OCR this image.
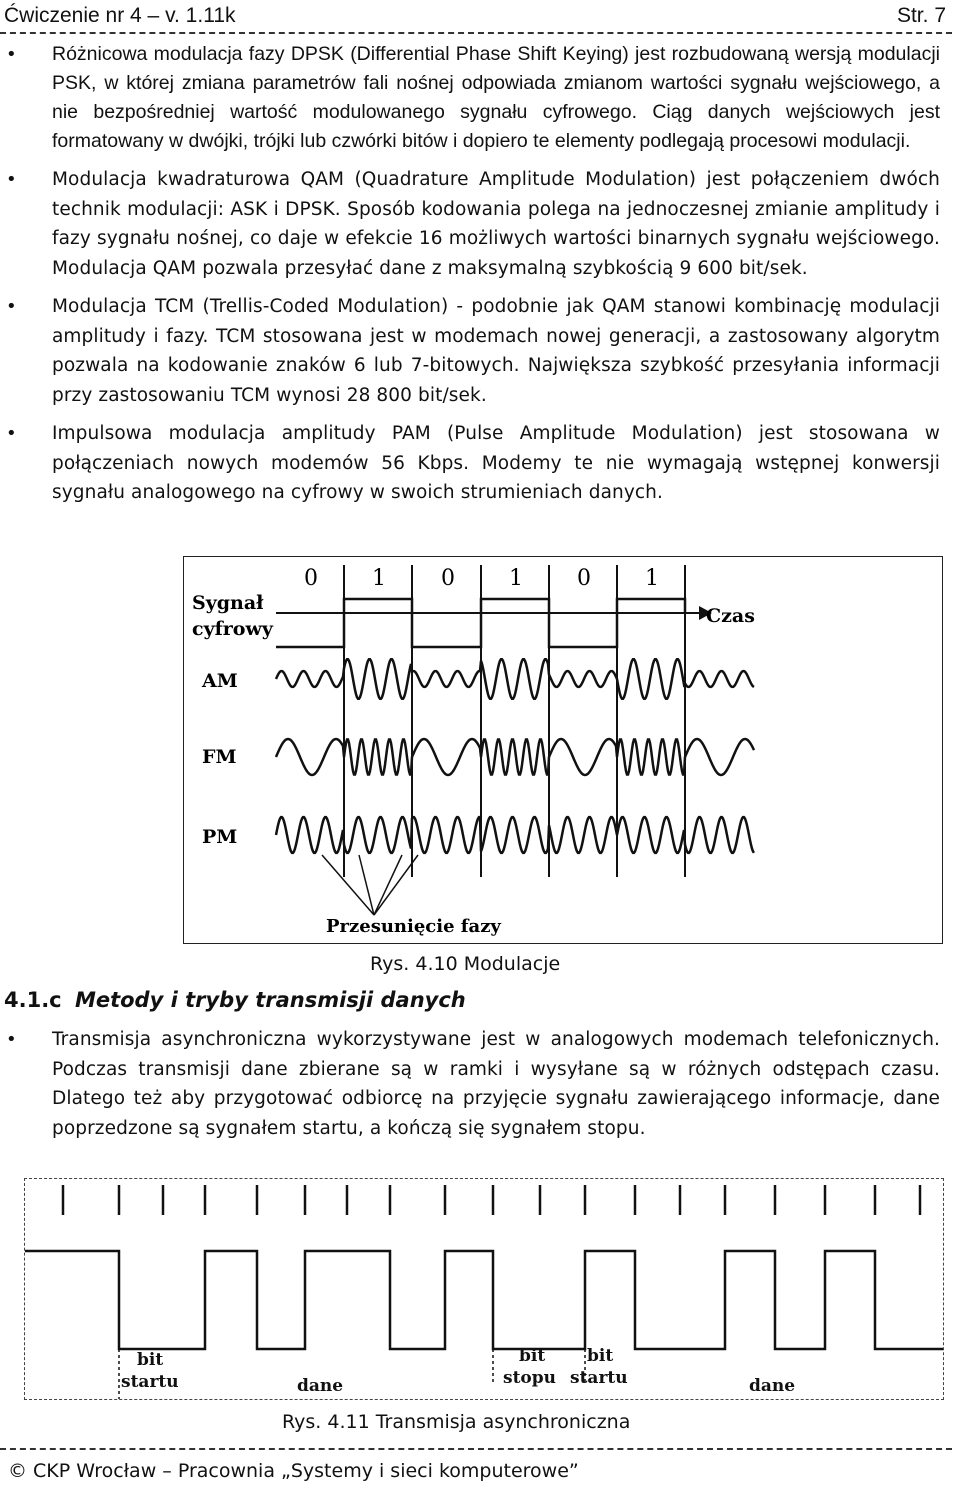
Ćwiczenie nr 4 – v. 1.11k	Str. 7
• Różnicowa modulacja fazy DPSK (Differential Phase Shift Keying) jest rozbudowaną wersją modulacji PSK, w której zmiana parametrów fali nośnej odpowiada zmianom wartości sygnału wejściowego, a nie bezpośredniej wartość modulowanego sygnału cyfrowego. Ciąg danych wejściowych jest formatowany w dwójki, trójki lub czwórki bitów i dopiero te elementy podlegają procesowi modulacji.
• Modulacja kwadraturowa QAM (Quadrature Amplitude Modulation) jest połączeniem dwóch technik modulacji: ASK i DPSK. Sposób kodowania polega na jednoczesnej zmianie amplitudy i fazy sygnału nośnej, co daje w efekcie 16 możliwych wartości binarnych sygnału wejściowego. Modulacja QAM pozwala przesyłać dane z maksymalną szybkością 9 600 bit/sek.
• Modulacja TCM (Trellis-Coded Modulation) - podobnie jak QAM stanowi kombinację modulacji amplitudy i fazy. TCM stosowana jest w modemach nowej generacji, a zastosowany algorytm pozwala na kodowanie znaków 6 lub 7-bitowych. Największa szybkość przesyłania informacji przy zastosowaniu TCM wynosi 28 800 bit/sek.
• Impulsowa modulacja amplitudy PAM (Pulse Amplitude Modulation) jest stosowana w połączeniach nowych modemów 56 Kbps. Modemy te nie wymagają wstępnej konwersji sygnału analogowego na cyfrowy w swoich strumieniach danych.
0 1	0 1 0 1
Sygnał
cyfrowy
Czas
AM
FM
PM
Przesunięcie fazy
Rys. 4.10 Modulacje
4.1.c Metody i tryby transmisji danych
• Transmisja asynchroniczna wykorzystywane jest w analogowych modemach telefonicznych. Podczas transmisji dane zbierane są w ramki i wysyłane są w różnych odstępach czasu. Dlatego też aby przygotować odbiorcę na przyjęcie sygnału zawierającego informacje, dane poprzedzone są sygnałem startu, a kończą się sygnałem stopu.
bit
startu	dane
bit
stopu
bit
startu	dane
Rys. 4.11 Transmisja asynchroniczna
© CKP Wrocław – Pracownia „Systemy i sieci komputerowe”
